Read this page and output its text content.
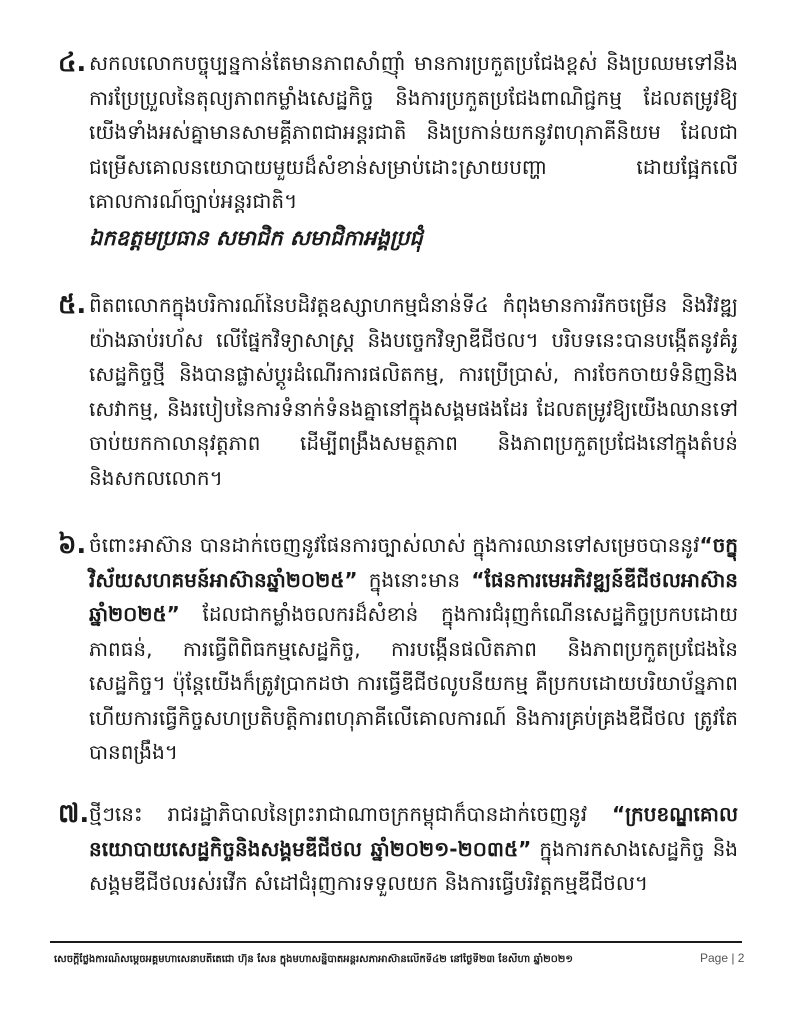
៤. សកលលោកបច្ចុប្បន្នកាន់តែមានភាពសាំញុាំ មានការប្រកួតប្រជែងខ្ពស់ និងប្រឈមទៅនឹងការប្រែប្រួលនៃតុល្យភាពកម្លាំងសេដ្ឋកិច្ច និងការប្រកួតប្រជែងពាណិជ្ជកម្ម ដែលតម្រូវឱ្យយើងទាំងអស់គ្នាមានសាមគ្គីភាពជាអន្តរជាតិ និងប្រកាន់យកនូវពហុភាគីនិយម ដែលជាជម្រើសគោលនយោបាយមួយដ៏សំខាន់សម្រាប់ដោះស្រាយបញ្ហា ដោយផ្អែកលើគោលការណ៍ច្បាប់អន្តរជាតិ។
ឯកឧត្តមប្រធាន សមាជិក សមាជិកាអង្គប្រជុំ
៥. ពិតពលោកក្នុងបរិការណ៍នៃបដិវត្តឧស្សាហកម្មជំនាន់ទី៤ កំពុងមានការរីកចម្រើន និងវិវឌ្ឍយ៉ាងឆាប់រហ័ស លើផ្នែកវិទ្យាសាស្ត្រ និងបច្ចេកវិទ្យាឌីជីថល។ បរិបទនេះបានបង្កើតនូវគំរូសេដ្ឋកិច្ចថ្មី និងបានផ្លាស់ប្តូរដំណើរការផលិតកម្ម, ការប្រើប្រាស់, ការចែកចាយទំនិញនិងសេវាកម្ម, និងរបៀបនៃការទំនាក់ទំនងគ្នានៅក្នុងសង្គមផងដែរ ដែលតម្រូវឱ្យយើងឈានទៅចាប់យកកាលានុវត្តភាព ដើម្បីពង្រឹងសមត្ថភាព និងភាពប្រកួតប្រជែងនៅក្នុងតំបន់ និងសកលលោក។
៦. ចំពោះអាស៊ាន បានដាក់ចេញនូវផែនការច្បាស់លាស់ ក្នុងការឈានទៅសម្រេចបាននូវ“ចក្ខុវិស័យសហគមន៍អាស៊ានឆ្នាំ២០២៥” ក្នុងនោះមាន “ផែនការមេអភិវឌ្ឍន៍ឌីជីថលអាស៊ានឆ្នាំ២០២៥” ដែលជាកម្លាំងចលករដ៏សំខាន់ ក្នុងការជំរុញកំណើនសេដ្ឋកិច្ចប្រកបដោយភាពធន់, ការធ្វើពិពិធកម្មសេដ្ឋកិច្ច, ការបង្កើនផលិតភាព និងភាពប្រកួតប្រជែងនៃសេដ្ឋកិច្ច។ ប៉ុន្តែយើងក៏ត្រូវប្រាកដថា ការធ្វើឌីជីថលូបនីយកម្ម គឺប្រកបដោយបរិយាប័ន្នភាព ហើយការធ្វើកិច្ចសហប្រតិបត្តិការពហុភាគីលើគោលការណ៍ និងការគ្រប់គ្រងឌីជីថល ត្រូវតែបានពង្រឹង។
៧. ថ្មីៗនេះ រាជរដ្ឋាភិបាលនៃព្រះរាជាណាចក្រកម្ពុជាក៏បានដាក់ចេញនូវ “ក្របខណ្ឌគោលនយោបាយសេដ្ឋកិច្ចនិងសង្គមឌីជីថល ឆ្នាំ២០២១-២០៣៥” ក្នុងការកសាងសេដ្ឋកិច្ច និងសង្គមឌីជីថលរស់រវើក សំដៅជំរុញការទទួលយក និងការធ្វើបរិវត្តកម្មឌីជីថល។
សេចក្តីថ្លែងការណ៍សម្តេចអគ្គមហាសេនាបតីតេជោ ហ៊ុន សែន ក្នុងមហាសន្និបាតអន្តរសភាអាស៊ានលើកទី៤២ នៅថ្ងៃទី២៣ ខែសីហា ឆ្នាំ២០២១	Page | 2
